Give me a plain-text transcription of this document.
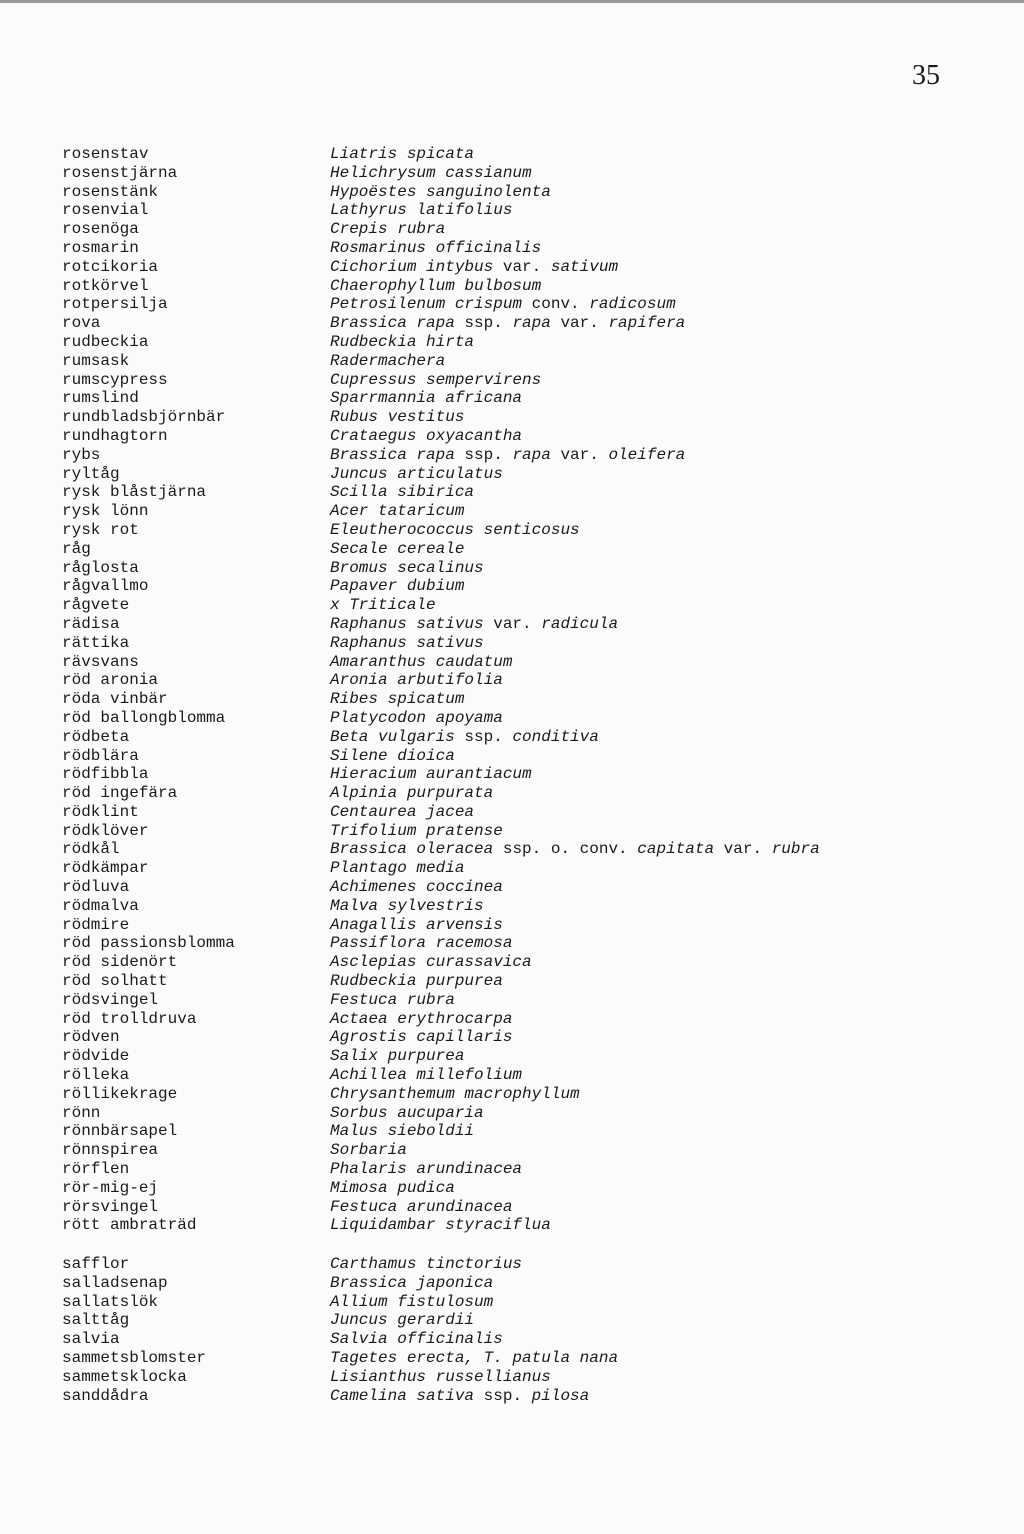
35
rosenstav	Liatris spicata
rosenstjärna	Helichrysum cassianum
rosenstänk	Hypoëstes sanguinolenta
rosenvial	Lathyrus latifolius
rosenöga	Crepis rubra
rosmarin	Rosmarinus officinalis
rotcikoria	Cichorium intybus var. sativum
rotkörvel	Chaerophyllum bulbosum
rotpersilja	Petrosilenum crispum conv. radicosum
rova	Brassica rapa ssp. rapa var. rapifera
rudbeckia	Rudbeckia hirta
rumsask	Radermachera
rumscypress	Cupressus sempervirens
rumslind	Sparrmannia africana
rundbladsbjörnbär	Rubus vestitus
rundhagtorn	Crataegus oxyacantha
rybs	Brassica rapa ssp. rapa var. oleifera
ryltåg	Juncus articulatus
rysk blåstjärna	Scilla sibirica
rysk lönn	Acer tataricum
rysk rot	Eleutherococcus senticosus
råg	Secale cereale
råglosta	Bromus secalinus
rågvallmo	Papaver dubium
rågvete	x Triticale
rädisa	Raphanus sativus var. radicula
rättika	Raphanus sativus
rävsvans	Amaranthus caudatum
röd aronia	Aronia arbutifolia
röda vinbär	Ribes spicatum
röd ballongblomma	Platycodon apoyama
rödbeta	Beta vulgaris ssp. conditiva
rödblära	Silene dioica
rödfibbla	Hieracium aurantiacum
röd ingefära	Alpinia purpurata
rödklint	Centaurea jacea
rödklöver	Trifolium pratense
rödkål	Brassica oleracea ssp. o. conv. capitata var. rubra
rödkämpar	Plantago media
rödluva	Achimenes coccinea
rödmalva	Malva sylvestris
rödmire	Anagallis arvensis
röd passionsblomma	Passiflora racemosa
röd sidenört	Asclepias curassavica
röd solhatt	Rudbeckia purpurea
rödsvingel	Festuca rubra
röd trolldruva	Actaea erythrocarpa
rödven	Agrostis capillaris
rödvide	Salix purpurea
rölleka	Achillea millefolium
röllikekrage	Chrysanthemum macrophyllum
rönn	Sorbus aucuparia
rönnbärsapel	Malus sieboldii
rönnspirea	Sorbaria
rörflen	Phalaris arundinacea
rör-mig-ej	Mimosa pudica
rörsvingel	Festuca arundinacea
rött ambraträd	Liquidambar styraciflua
safflor	Carthamus tinctorius
salladsenap	Brassica japonica
sallatslök	Allium fistulosum
salttåg	Juncus gerardii
salvia	Salvia officinalis
sammetsblomster	Tagetes erecta, T. patula nana
sammetsklocka	Lisianthus russellianus
sanddådra	Camelina sativa ssp. pilosa
